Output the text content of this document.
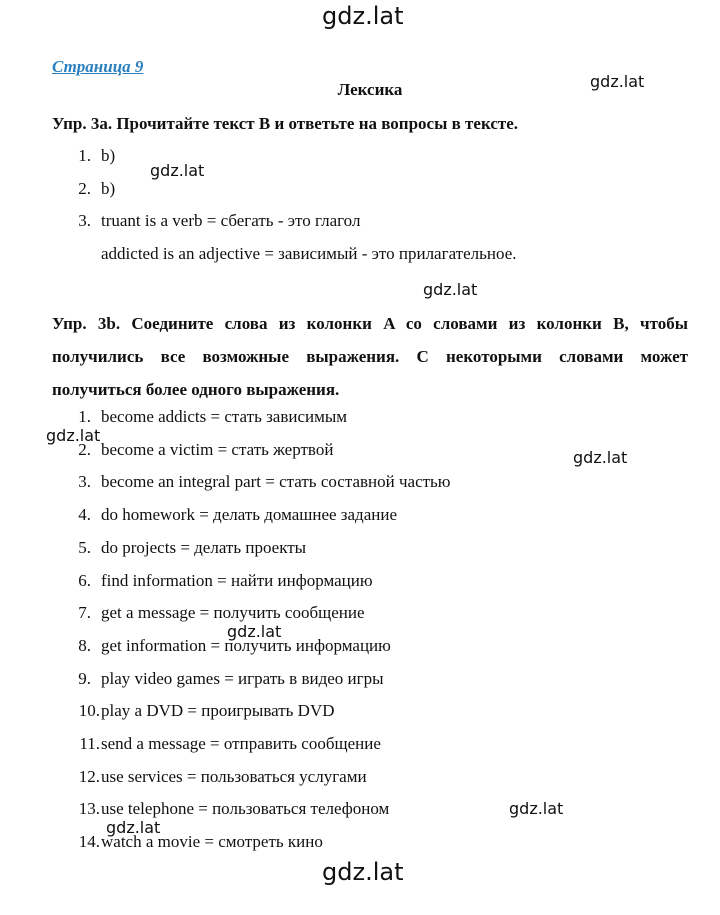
gdz.lat
gdz.lat
gdz.lat
gdz.lat
gdz.lat
gdz.lat
gdz.lat
gdz.lat
gdz.lat
gdz.lat
Страница 9
Лексика
Упр. 3a. Прочитайте текст B и ответьте на вопросы в тексте.
1. b)
2. b)
3. truant is a verb = сбегать - это глагол
addicted is an adjective = зависимый - это прилагательное.
Упр. 3b. Соедините слова из колонки A со словами из колонки B, чтобы получились все возможные выражения. С некоторыми словами может получиться более одного выражения.
1. become addicts = стать зависимым
2. become a victim = стать жертвой
3. become an integral part = стать составной частью
4. do homework = делать домашнее задание
5. do projects = делать проекты
6. find information = найти информацию
7. get a message = получить сообщение
8. get information = получить информацию
9. play video games = играть в видео игры
10. play a DVD = проигрывать DVD
11. send a message = отправить сообщение
12. use services = пользоваться услугами
13. use telephone = пользоваться телефоном
14. watch a movie = смотреть кино
